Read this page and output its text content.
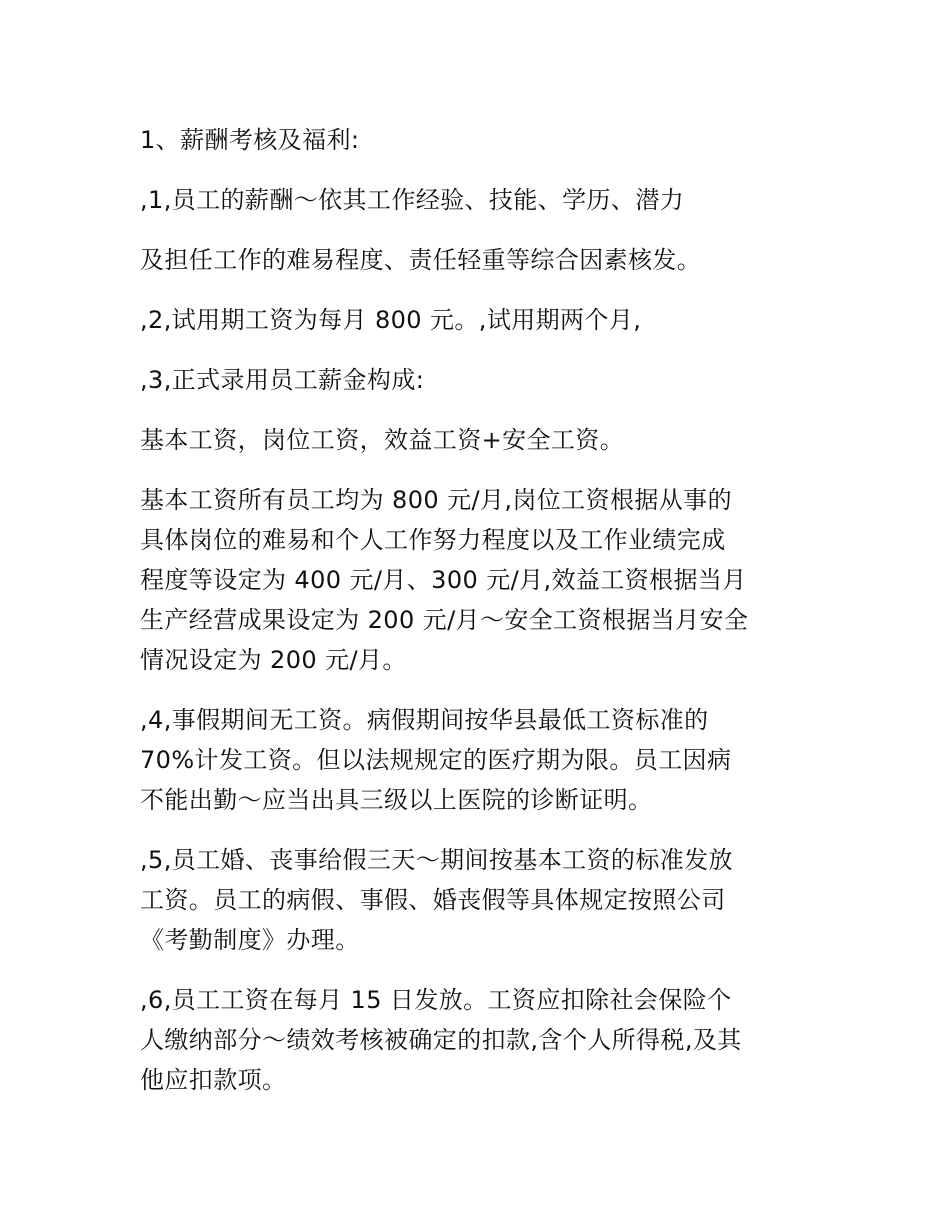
1、薪酬考核及福利:

,1,员工的薪酬～依其工作经验、技能、学历、潜力

及担任工作的难易程度、责任轻重等综合因素核发。

,2,试用期工资为每月 800 元。,试用期两个月,

,3,正式录用员工薪金构成:

基本工资，岗位工资，效益工资+安全工资。

基本工资所有员工均为 800 元/月,岗位工资根据从事的

具体岗位的难易和个人工作努力程度以及工作业绩完成

程度等设定为 400 元/月、300 元/月,效益工资根据当月

生产经营成果设定为 200 元/月～安全工资根据当月安全

情况设定为 200 元/月。

,4,事假期间无工资。病假期间按华县最低工资标准的

70%计发工资。但以法规规定的医疗期为限。员工因病

不能出勤～应当出具三级以上医院的诊断证明。

,5,员工婚、丧事给假三天～期间按基本工资的标准发放

工资。员工的病假、事假、婚丧假等具体规定按照公司

《考勤制度》办理。

,6,员工工资在每月 15 日发放。工资应扣除社会保险个

人缴纳部分～绩效考核被确定的扣款,含个人所得税,及其

他应扣款项。
